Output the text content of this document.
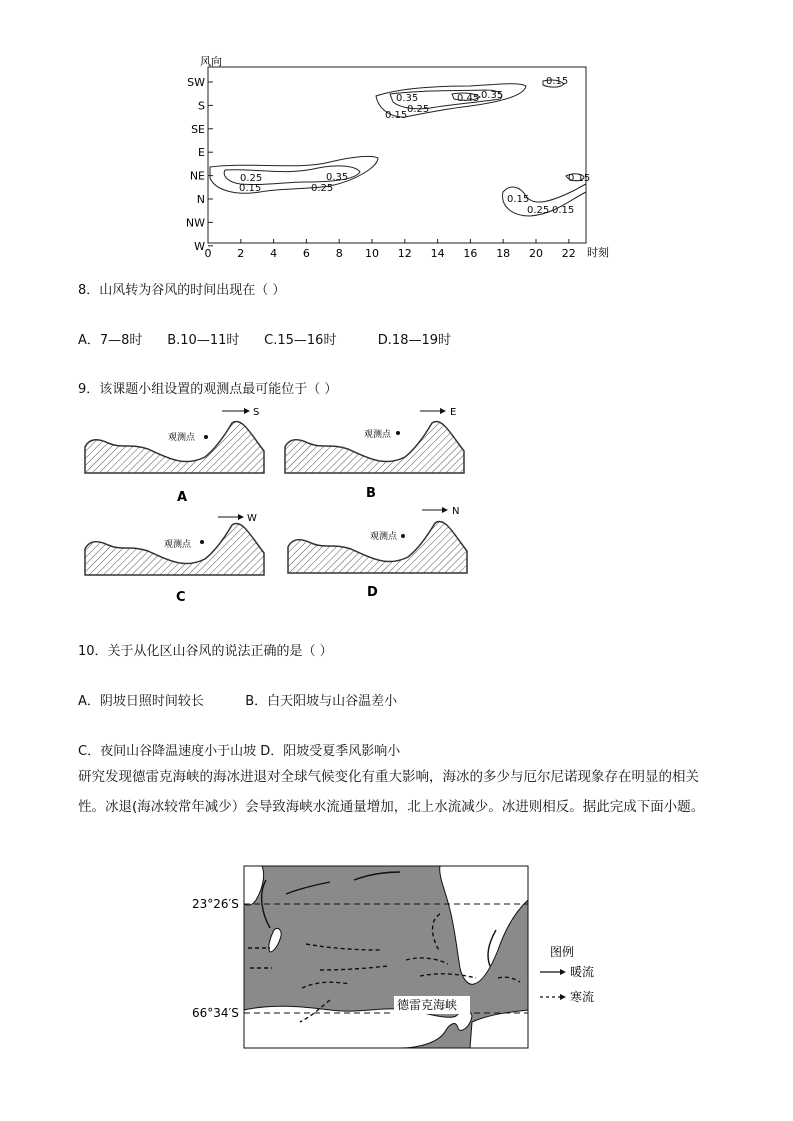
风向
时刻
SW
S
SE
E
NE
N
NW
W
0 2 4 6 8 10 12 14 16 18 20 22
0.15
0.35
0.25
0.45 0.35
0.15
0.25
0.15
0.35
0.25
0.15
0.15
0.25 0.15
8．山风转为谷风的时间出现在（ ）
A．7—8时      B.10—11时      C.15—16时          D.18—19时
9．该课题小组设置的观测点最可能位于（ ）
观测点
S
A
观测点
E
B
观测点
W
C
观测点
N
D
10．关于从化区山谷风的说法正确的是（ ）
A．阴坡日照时间较长          B．白天阳坡与山谷温差小
C．夜间山谷降温速度小于山坡 D．阳坡受夏季风影响小
研究发现德雷克海峡的海冰进退对全球气候变化有重大影响，海冰的多少与厄尔尼诺现象存在明显的相关性。冰退(海冰较常年减少）会导致海峡水流通量增加，北上水流减少。冰进则相反。据此完成下面小题。
23°26′S
66°34′S
德雷克海峡
图例
暖流
寒流
